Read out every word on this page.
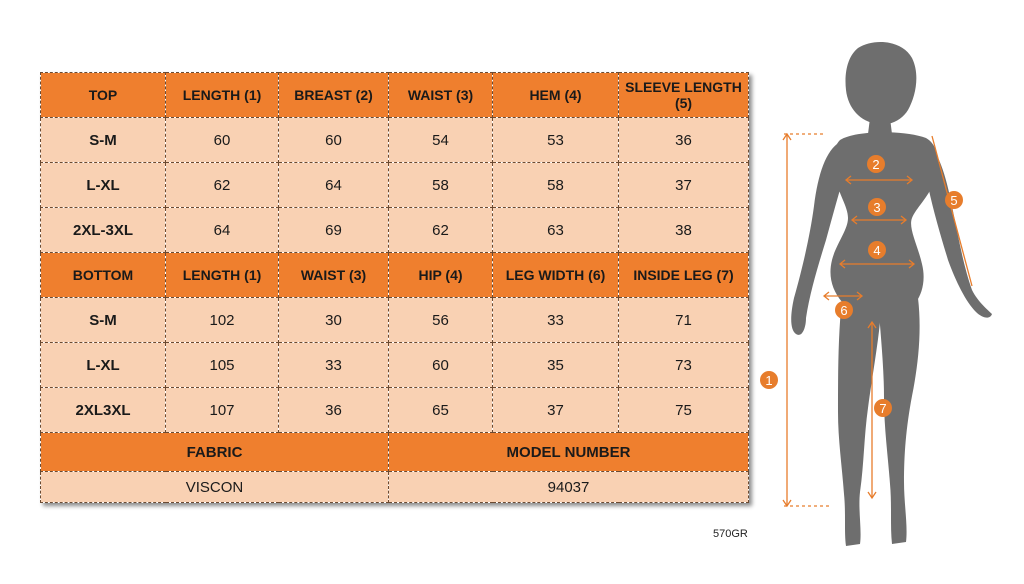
TOP	LENGTH (1)	BREAST (2)	WAIST (3)	HEM (4)	SLEEVE LENGTH (5)
S-M	60	60	54	53	36
L-XL	62	64	58	58	37
2XL-3XL	64	69	62	63	38
BOTTOM	LENGTH (1)	WAIST (3)	HIP (4)	LEG WIDTH (6)	INSIDE LEG (7)
S-M	102	30	56	33	71
L-XL	105	33	60	35	73
2XL3XL	107	36	65	37	75
FABRIC			MODEL NUMBER		
VISCON			94037		
570GR
1
2
3
4
5
6
7
